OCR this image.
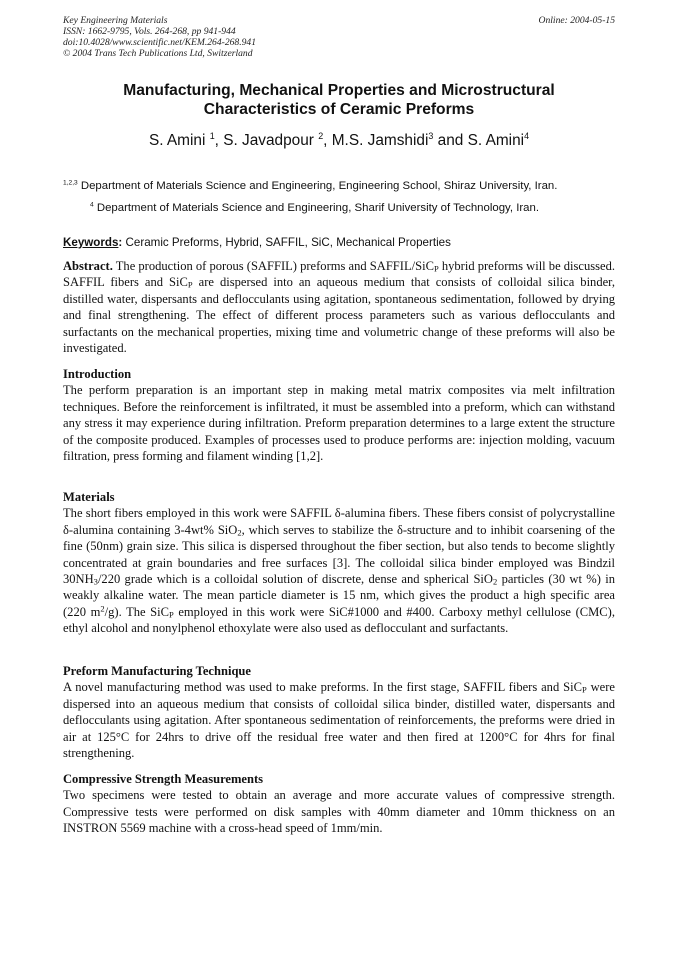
Key Engineering Materials
ISSN: 1662-9795, Vols. 264-268, pp 941-944
doi:10.4028/www.scientific.net/KEM.264-268.941
© 2004 Trans Tech Publications Ltd, Switzerland
Online: 2004-05-15
Manufacturing, Mechanical Properties and Microstructural
Characteristics of Ceramic Preforms
S. Amini $^1$, S. Javadpour $^2$, M.S. Jamshidi$^3$ and S. Amini$^4$
$^{1,2,3}$ Department of Materials Science and Engineering, Engineering School, Shiraz University, Iran.
$^4$ Department of Materials Science and Engineering, Sharif University of Technology, Iran.
Keywords: Ceramic Preforms, Hybrid, SAFFIL, SiC, Mechanical Properties

Abstract. The production of porous (SAFFIL) preforms and SAFFIL/SiC$_P$ hybrid preforms will be discussed. SAFFIL fibers and SiC$_P$ are dispersed into an aqueous medium that consists of colloidal silica binder, distilled water, dispersants and deflocculants using agitation, spontaneous sedimentation, followed by drying and final strengthening. The effect of different process parameters such as various deflocculants and surfactants on the mechanical properties, mixing time and volumetric change of these preforms will also be investigated.

Introduction

The perform preparation is an important step in making metal matrix composites via melt infiltration techniques. Before the reinforcement is infiltrated, it must be assembled into a preform, which can withstand any stress it may experience during infiltration. Preform preparation determines to a large extent the structure of the composite produced. Examples of processes used to produce performs are: injection molding, vacuum filtration, press forming and filament winding [1,2].

Materials

The short fibers employed in this work were SAFFIL δ-alumina fibers. These fibers consist of polycrystalline δ-alumina containing 3-4wt% SiO$_2$, which serves to stabilize the δ-structure and to inhibit coarsening of the fine (50nm) grain size. This silica is dispersed throughout the fiber section, but also tends to become slightly concentrated at grain boundaries and free surfaces [3]. The colloidal silica binder employed was Bindzil $30NH_3/220$ grade which is a colloidal solution of discrete, dense and spherical SiO$_2$ particles (30 wt %) in weakly alkaline water. The mean particle diameter is 15 nm, which gives the product a high specific area (220 $m^2/g$). The SiC$_P$ employed in this work were SiC#1000 and #400. Carboxy methyl cellulose (CMC), ethyl alcohol and nonylphenol ethoxylate were also used as deflocculant and surfactants.

Preform Manufacturing Technique

A novel manufacturing method was used to make preforms. In the first stage, SAFFIL fibers and SiC$_P$ were dispersed into an aqueous medium that consists of colloidal silica binder, distilled water, dispersants and deflocculants using agitation. After spontaneous sedimentation of reinforcements, the preforms were dried in air at 125°C for 24hrs to drive off the residual free water and then fired at 1200°C for 4hrs for final strengthening.

Compressive Strength Measurements

Two specimens were tested to obtain an average and more accurate values of compressive strength. Compressive tests were performed on disk samples with 40mm diameter and 10mm thickness on an INSTRON 5569 machine with a cross-head speed of 1mm/min.
